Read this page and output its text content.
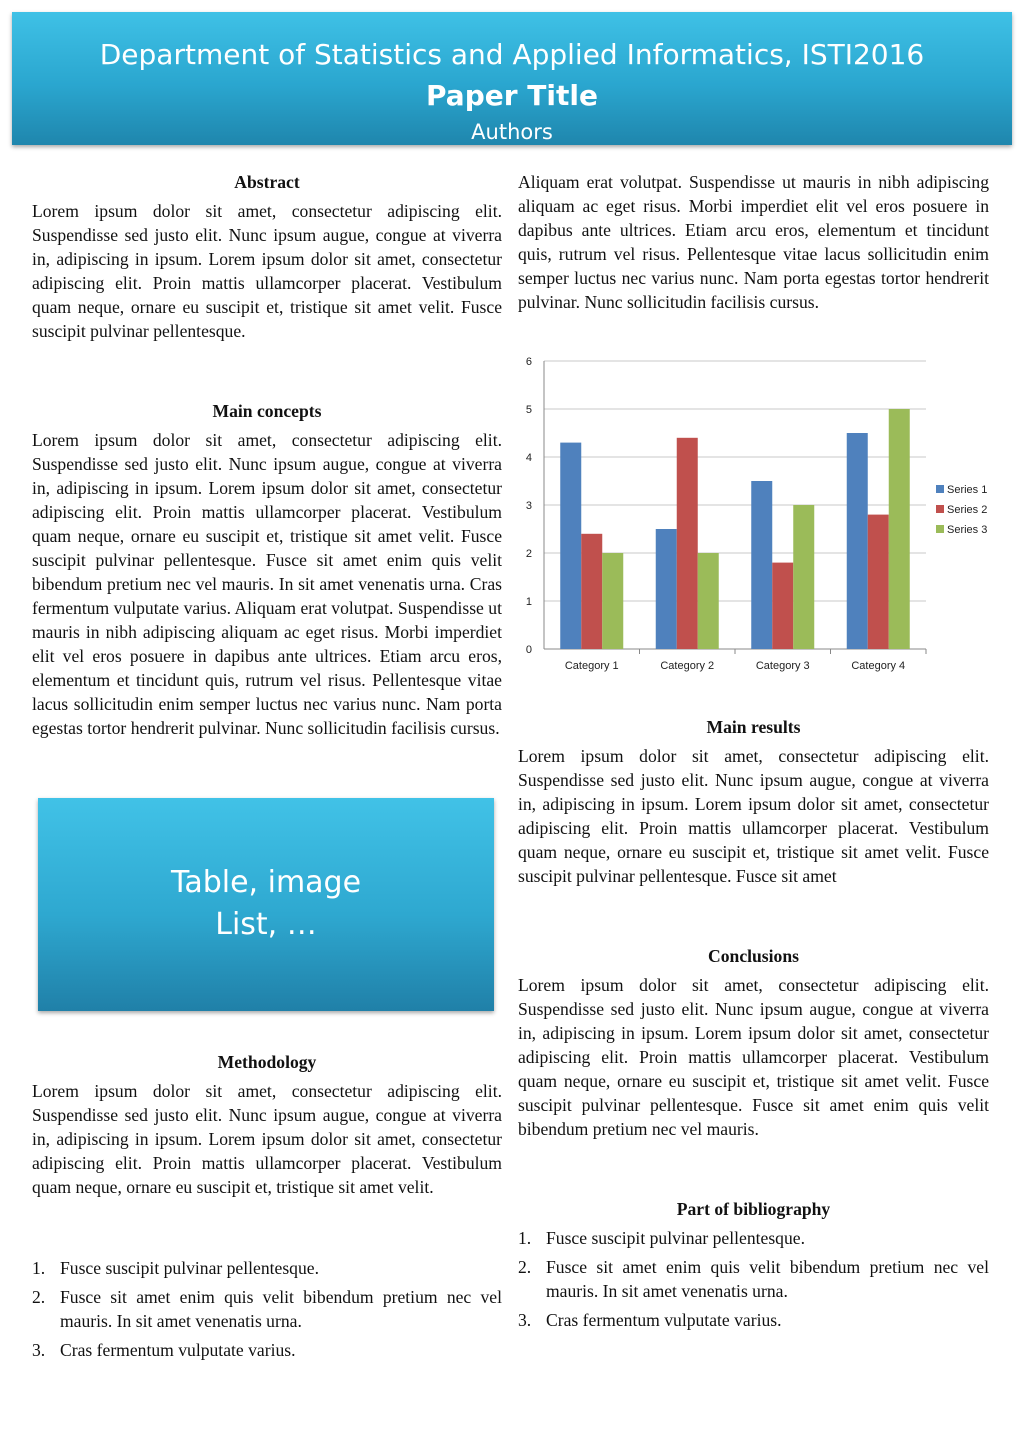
Department of Statistics and Applied Informatics, ISTI2016
Paper Title
Authors
Abstract

Lorem ipsum dolor sit amet, consectetur adipiscing elit. Suspendisse sed justo elit. Nunc ipsum augue, congue at viverra in, adipiscing in ipsum. Lorem ipsum dolor sit amet, consectetur adipiscing elit. Proin mattis ullamcorper placerat. Vestibulum quam neque, ornare eu suscipit et, tristique sit amet velit. Fusce suscipit pulvinar pellentesque.

Main concepts

Lorem ipsum dolor sit amet, consectetur adipiscing elit. Suspendisse sed justo elit. Nunc ipsum augue, congue at viverra in, adipiscing in ipsum. Lorem ipsum dolor sit amet, consectetur adipiscing elit. Proin mattis ullamcorper placerat. Vestibulum quam neque, ornare eu suscipit et, tristique sit amet velit. Fusce suscipit pulvinar pellentesque. Fusce sit amet enim quis velit bibendum pretium nec vel mauris. In sit amet venenatis urna. Cras fermentum vulputate varius. Aliquam erat volutpat. Suspendisse ut mauris in nibh adipiscing aliquam ac eget risus. Morbi imperdiet elit vel eros posuere in dapibus ante ultrices. Etiam arcu eros, elementum et tincidunt quis, rutrum vel risus. Pellentesque vitae lacus sollicitudin enim semper luctus nec varius nunc. Nam porta egestas tortor hendrerit pulvinar. Nunc sollicitudin facilisis cursus.

Table, image
List, …
Methodology

Lorem ipsum dolor sit amet, consectetur adipiscing elit. Suspendisse sed justo elit. Nunc ipsum augue, congue at viverra in, adipiscing in ipsum. Lorem ipsum dolor sit amet, consectetur adipiscing elit. Proin mattis ullamcorper placerat. Vestibulum quam neque, ornare eu suscipit et, tristique sit amet velit.

1. Fusce suscipit pulvinar pellentesque.
2. Fusce sit amet enim quis velit bibendum pretium nec vel mauris. In sit amet venenatis urna.
3. Cras fermentum vulputate varius.

Aliquam erat volutpat. Suspendisse ut mauris in nibh adipiscing aliquam ac eget risus. Morbi imperdiet elit vel eros posuere in dapibus ante ultrices. Etiam arcu eros, elementum et tincidunt quis, rutrum vel risus. Pellentesque vitae lacus sollicitudin enim semper luctus nec varius nunc. Nam porta egestas tortor hendrerit pulvinar. Nunc sollicitudin facilisis cursus.

0
1
2
3
4
5
6
Category 1	Category 2	Category 3	Category 4
Series 1
Series 2
Series 3
Main results

Lorem ipsum dolor sit amet, consectetur adipiscing elit. Suspendisse sed justo elit. Nunc ipsum augue, congue at viverra in, adipiscing in ipsum. Lorem ipsum dolor sit amet, consectetur adipiscing elit. Proin mattis ullamcorper placerat. Vestibulum quam neque, ornare eu suscipit et, tristique sit amet velit. Fusce suscipit pulvinar pellentesque. Fusce sit amet

Conclusions

Lorem ipsum dolor sit amet, consectetur adipiscing elit. Suspendisse sed justo elit. Nunc ipsum augue, congue at viverra in, adipiscing in ipsum. Lorem ipsum dolor sit amet, consectetur adipiscing elit. Proin mattis ullamcorper placerat. Vestibulum quam neque, ornare eu suscipit et, tristique sit amet velit. Fusce suscipit pulvinar pellentesque. Fusce sit amet enim quis velit bibendum pretium nec vel mauris.

Part of bibliography
1. Fusce suscipit pulvinar pellentesque.
2. Fusce sit amet enim quis velit bibendum pretium nec vel mauris. In sit amet venenatis urna.
3. Cras fermentum vulputate varius.
